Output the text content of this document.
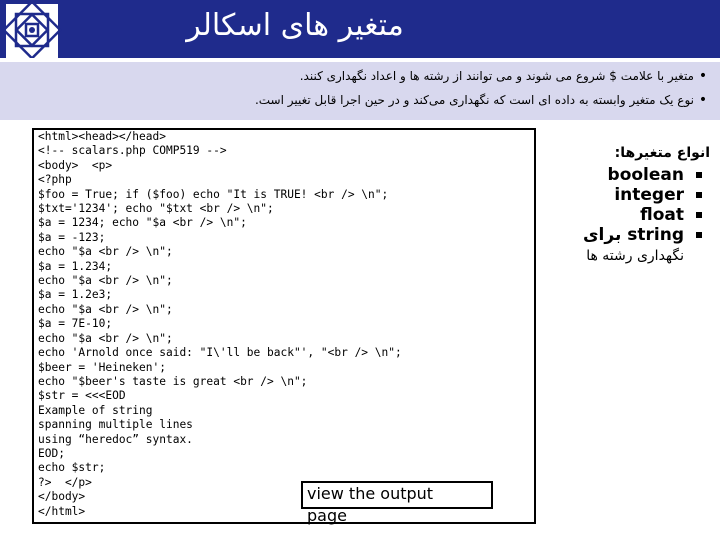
متغیر های اسکالر
•متغیر با علامت $ شروع می شوند و می توانند از رشته ها و اعداد نگهداری کنند.
•نوع یک متغیر وابسته به داده ای است که نگهداری می‌کند و در حین اجرا قابل تغییر است.
<html><head></head>
<!-- scalars.php COMP519 -->
<body>  <p>
<?php
$foo = True; if ($foo) echo "It is TRUE! <br /> \n";
$txt='1234'; echo "$txt <br /> \n";
$a = 1234; echo "$a <br /> \n";
$a = -123;
echo "$a <br /> \n";
$a = 1.234;
echo "$a <br /> \n";
$a = 1.2e3;
echo "$a <br /> \n";
$a = 7E-10;
echo "$a <br /> \n";
echo 'Arnold once said: "I\'ll be back"', "<br /> \n";
$beer = 'Heineken';
echo "$beer's taste is great <br /> \n";
$str = <<<EOD
Example of string
spanning multiple lines
using “heredoc” syntax.
EOD;
echo $str;
?>  </p>
</body>
</html>

view the output page
انواع متغیرها:
boolean
integer
float
string برای
نگهداری رشته ها
